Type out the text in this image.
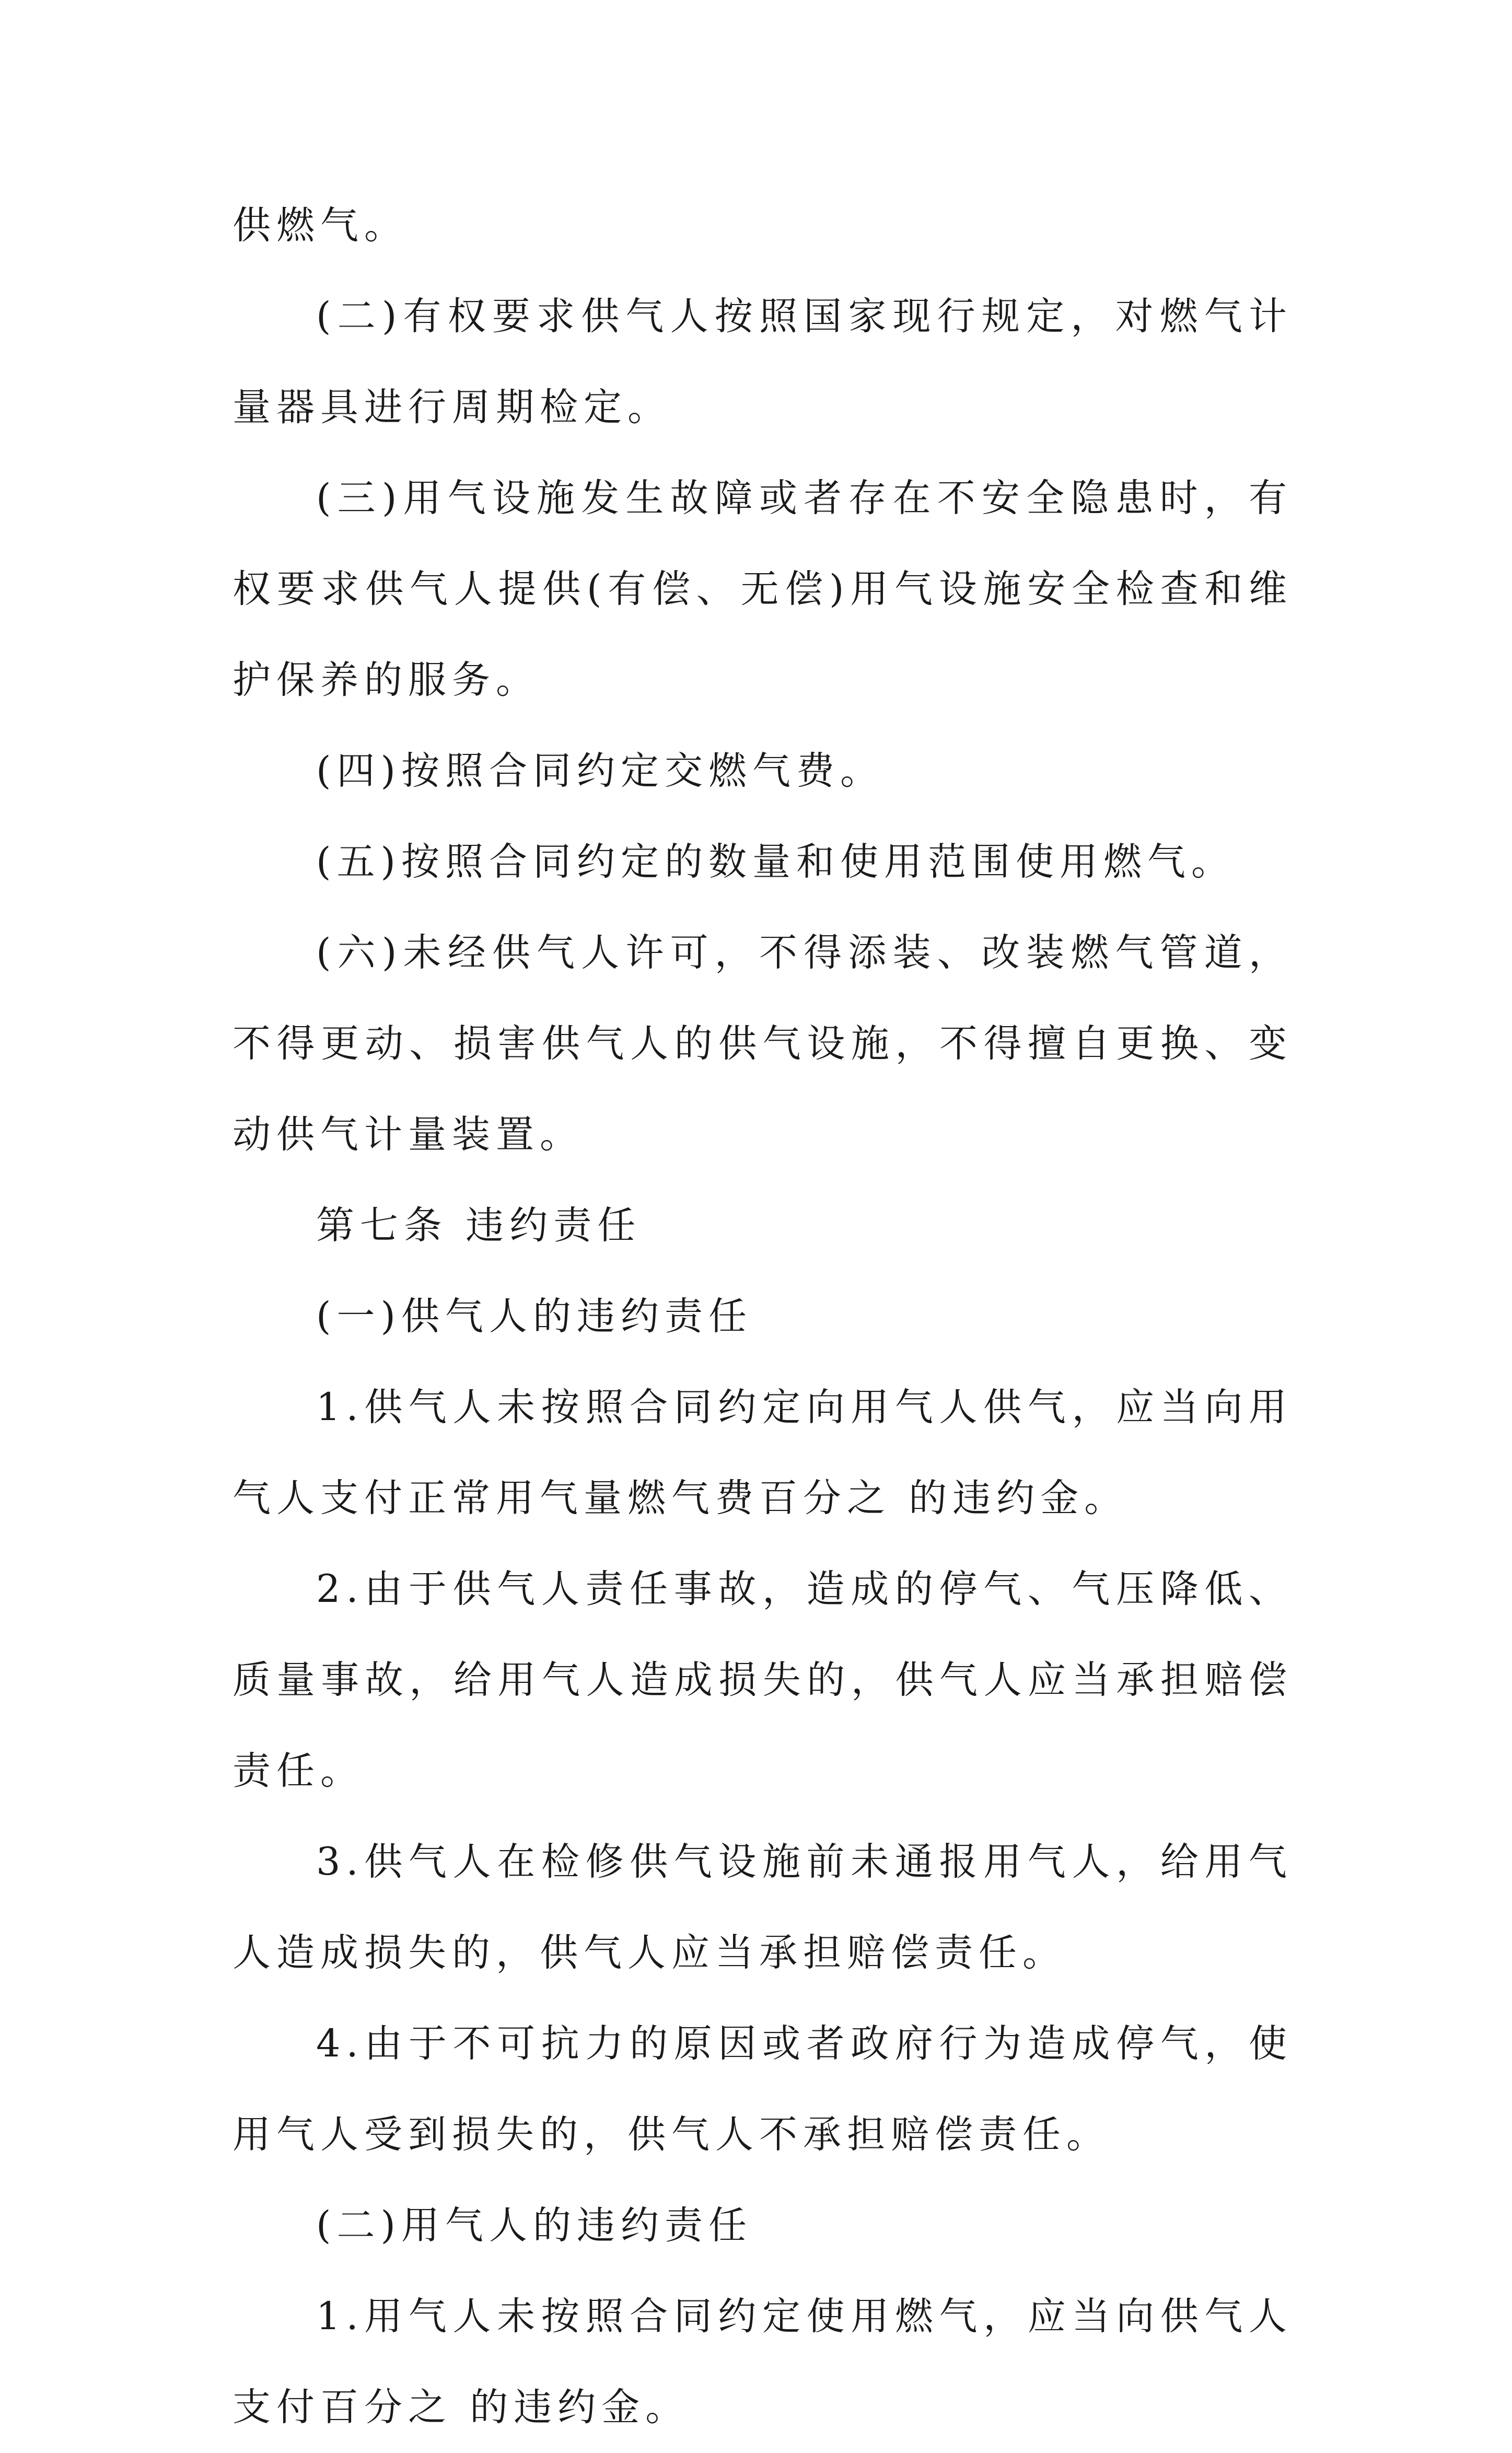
供燃气。

(二)有权要求供气人按照国家现行规定，对燃气计量器具进行周期检定。

(三)用气设施发生故障或者存在不安全隐患时，有权要求供气人提供(有偿、无偿)用气设施安全检查和维护保养的服务。

(四)按照合同约定交燃气费。

(五)按照合同约定的数量和使用范围使用燃气。

(六)未经供气人许可，不得添装、改装燃气管道，不得更动、损害供气人的供气设施，不得擅自更换、变动供气计量装置。

第七条 违约责任

(一)供气人的违约责任

1.供气人未按照合同约定向用气人供气，应当向用气人支付正常用气量燃气费百分之 的违约金。

2.由于供气人责任事故，造成的停气、气压降低、质量事故，给用气人造成损失的，供气人应当承担赔偿责任。

3.供气人在检修供气设施前未通报用气人，给用气人造成损失的，供气人应当承担赔偿责任。

4.由于不可抗力的原因或者政府行为造成停气，使用气人受到损失的，供气人不承担赔偿责任。

(二)用气人的违约责任

1.用气人未按照合同约定使用燃气，应当向供气人支付百分之 的违约金。
